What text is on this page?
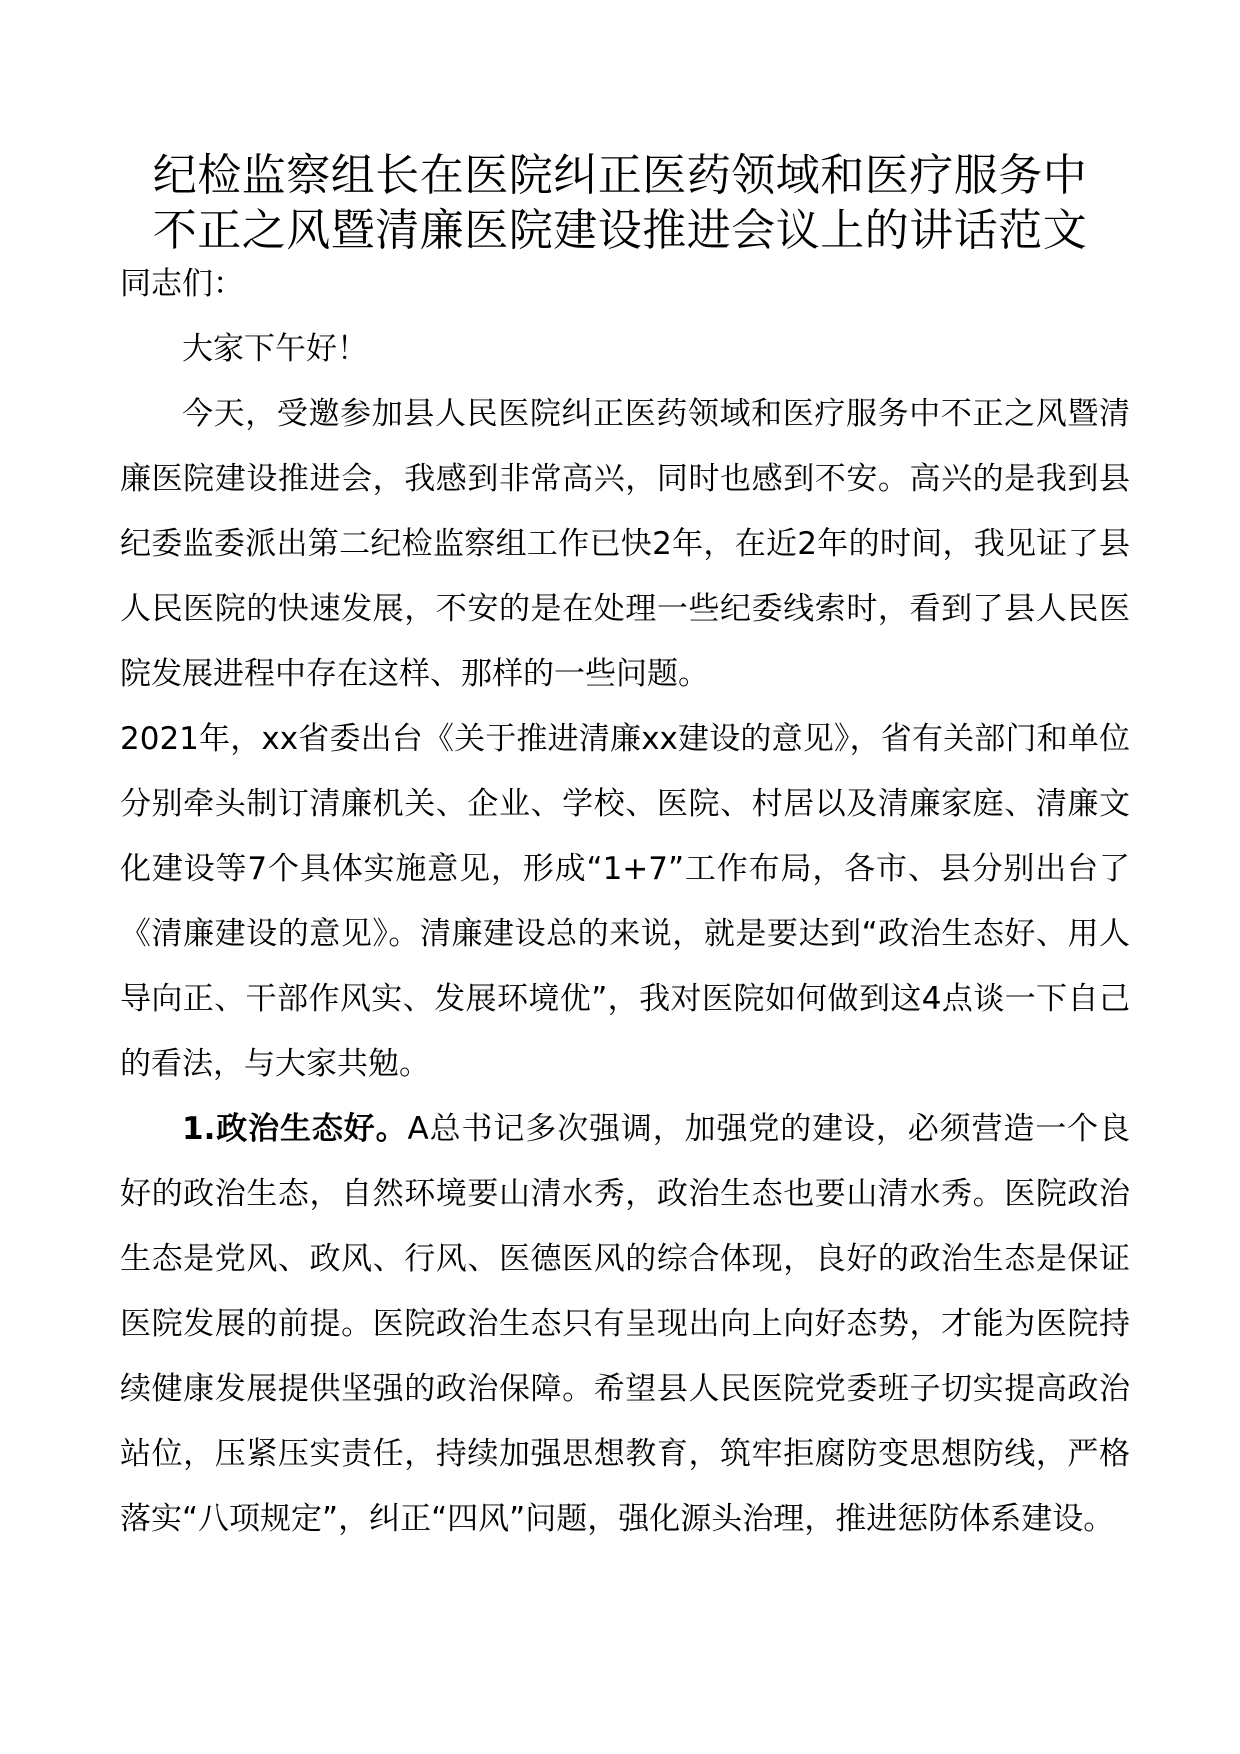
纪检监察组长在医院纠正医药领域和医疗服务中
不正之风暨清廉医院建设推进会议上的讲话范文

同志们：

大家下午好！

今天，受邀参加县人民医院纠正医药领域和医疗服务中不正之风暨清廉医院建设推进会，我感到非常高兴，同时也感到不安。高兴的是我到县纪委监委派出第二纪检监察组工作已快2年，在近2年的时间，我见证了县人民医院的快速发展，不安的是在处理一些纪委线索时，看到了县人民医院发展进程中存在这样、那样的一些问题。

2021年，xx省委出台《关于推进清廉xx建设的意见》，省有关部门和单位分别牵头制订清廉机关、企业、学校、医院、村居以及清廉家庭、清廉文化建设等7个具体实施意见，形成“1+7”工作布局，各市、县分别出台了《清廉建设的意见》。清廉建设总的来说，就是要达到“政治生态好、用人导向正、干部作风实、发展环境优”，我对医院如何做到这4点谈一下自己的看法，与大家共勉。

1.政治生态好。A总书记多次强调，加强党的建设，必须营造一个良好的政治生态，自然环境要山清水秀，政治生态也要山清水秀。医院政治生态是党风、政风、行风、医德医风的综合体现，良好的政治生态是保证医院发展的前提。医院政治生态只有呈现出向上向好态势，才能为医院持续健康发展提供坚强的政治保障。希望县人民医院党委班子切实提高政治站位，压紧压实责任，持续加强思想教育，筑牢拒腐防变思想防线，严格落实“八项规定”，纠正“四风”问题，强化源头治理，推进惩防体系建设。
